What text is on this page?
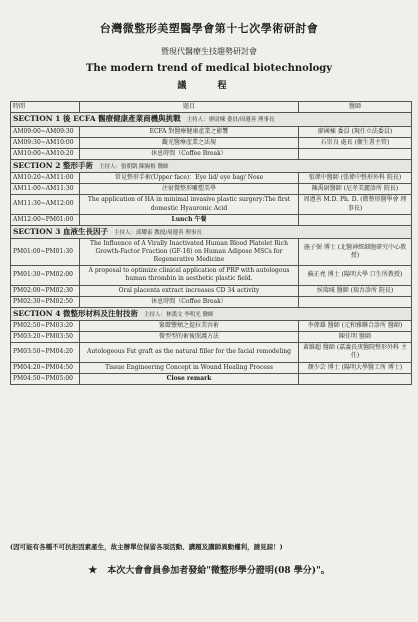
台灣微整形美塑醫學會第十七次學術研討會
暨現代醫療生技趨勢研討會
The modern trend of medical biotechnology
議 程
時間	題目	醫師
SECTION 1 後 ECFA 醫療健康產業商機與挑戰 主持人：廖尉棟 委員/周遵善 理事長		
AM09:00~AM09:30	ECFA 對醫療健康產業之影響	廖國棟 委員 (現任立法委員)
AM09:30~AM10:00	觀光醫療產業之法規	石崇良 處長 (衛生署主管)
AM10:00~AM10:20	休息時間（Coffee Break）	
SECTION 2 整形手術 主持人：張朝凱 陳錫根 醫師		
AM10:20~AM11:00	常見整形手術(Upper face)：Eye lid/ eye bag/ Nose	張偉中醫師 (張偉中整形外科 院長)
AM11:00~AM11:30	注射微整形雕塑美學	陳禹尉醫師 (尼孝美麗診所 院長)
AM11:30~AM12:00	The application of HA in minimal invasive plastic surgery:The first domestic Hyauronic Acid	周遵善 M.D. Ph. D. (微整形醫學會 理事長)
AM12:00~PM01:00	Lunch 午餐	
SECTION 3 血液生長因子 主持人：邱耀泰 教授/周遵善 理事長		
PM01:00~PM01:30	The Influence of A Virally Inactivated Human Blood Platelet Rich Growth-Factor Fraction (GF-18) on Human Adipose MSCs for Regenerative Medicine	施子弼 博士 (北醫神經細胞研究中心教授)
PM01:30~PM02:00	A proposal to optimize clinical application of PRP with autologous human thrombin in aesthetic plastic field.	蘇正堯 博士 (陽明大學 口生所教授)
PM02:00~PM02:30	Oral placenta extract increases CD 34 activity	侯瑞城 醫師 (瑞吾診所 院長)
PM02:30~PM02:50	休息時間（Coffee Break）	
SECTION 4 微整形材料及注射技術 主持人：林漢文 李明光 醫師		
PM02:50~PM03:20	緊緻豐頰之提拉美容術	李偉雄 醫師 (元和雅聯合診所 醫師)
PM03:20~PM03:50	微型型的術後照護方法	陳佳明 醫師
PM03:50~PM04:20	Autologeous Fat graft as the natural filler for the facial remodeling	黃維超 醫師 (嘉義長庚醫院整形外科 主任)
PM04:20~PM04:50	Tissue Engineering Concept in Wound Healing Process	顏少芸 博士 (陽明大學醫工所 博士)
PM04:50~PM05:00	Close remark	
(因可能有各種不可抗拒因素產生，故主辦單位保留各項活動、講題及講師異動權利，請見諒！)
★ 本次大會會員參加者發給"微整形學分證明(08 學分)"。
